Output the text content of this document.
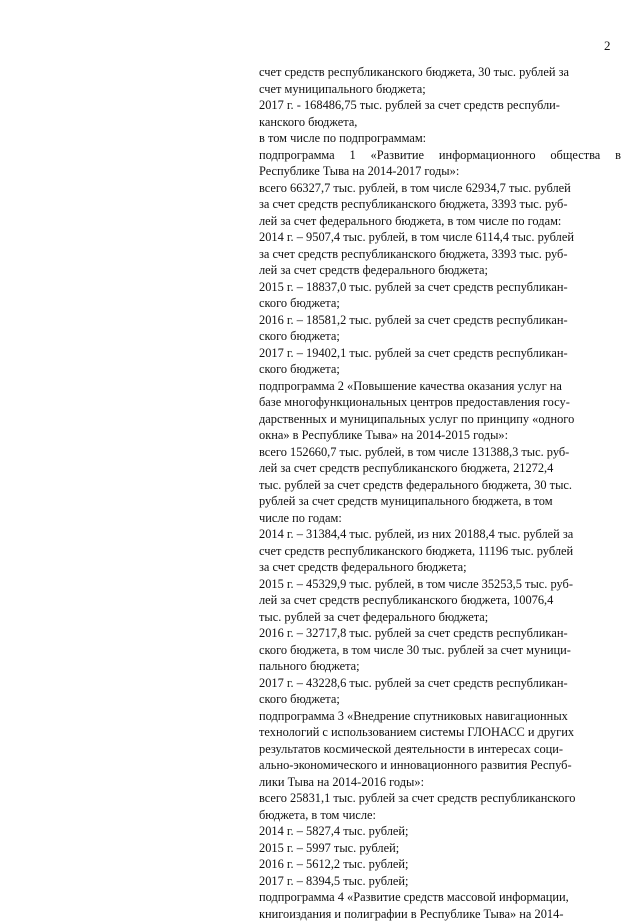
2
счет средств республиканского бюджета, 30 тыс. рублей за
счет муниципального бюджета;
2017 г. - 168486,75 тыс. рублей за счет средств республи-
канского бюджета,
в том числе по подпрограммам:
подпрограмма 1 «Развитие информационного общества в
Республике Тыва на 2014-2017 годы»:
всего 66327,7 тыс. рублей, в том числе 62934,7 тыс. рублей
за счет средств республиканского бюджета, 3393 тыс. руб-
лей за счет федерального бюджета, в том числе по годам:
2014 г. – 9507,4 тыс. рублей, в том числе 6114,4 тыс. рублей
за счет средств республиканского бюджета, 3393 тыс. руб-
лей за счет средств федерального бюджета;
2015 г. – 18837,0 тыс. рублей за счет средств республикан-
ского бюджета;
2016 г. – 18581,2 тыс. рублей за счет средств республикан-
ского бюджета;
2017 г. – 19402,1 тыс. рублей за счет средств республикан-
ского бюджета;
подпрограмма 2 «Повышение качества оказания услуг на
базе многофункциональных центров предоставления госу-
дарственных и муниципальных услуг по принципу «одного
окна» в Республике Тыва» на 2014-2015 годы»:
всего 152660,7 тыс. рублей, в том числе 131388,3 тыс. руб-
лей за счет средств республиканского бюджета, 21272,4
тыс. рублей за счет средств федерального бюджета, 30 тыс.
рублей за счет средств муниципального бюджета, в том
числе по годам:
2014 г. – 31384,4 тыс. рублей, из них 20188,4 тыс. рублей за
счет средств республиканского бюджета, 11196 тыс. рублей
за счет средств федерального бюджета;
2015 г. – 45329,9 тыс. рублей, в том числе 35253,5 тыс. руб-
лей за счет средств республиканского бюджета, 10076,4
тыс. рублей за счет федерального бюджета;
2016 г. – 32717,8 тыс. рублей за счет средств республикан-
ского бюджета, в том числе 30 тыс. рублей за счет муници-
пального бюджета;
2017 г. – 43228,6 тыс. рублей за счет средств республикан-
ского бюджета;
подпрограмма 3 «Внедрение спутниковых навигационных
технологий с использованием системы ГЛОНАСС и других
результатов космической деятельности в интересах соци-
ально-экономического и инновационного развития Респуб-
лики Тыва на 2014-2016 годы»:
всего 25831,1 тыс. рублей за счет средств республиканского
бюджета, в том числе:
2014 г. – 5827,4 тыс. рублей;
2015 г. – 5997 тыс. рублей;
2016 г. – 5612,2 тыс. рублей;
2017 г. – 8394,5 тыс. рублей;
подпрограмма 4 «Развитие средств массовой информации,
книгоиздания и полиграфии в Республике Тыва» на 2014-
